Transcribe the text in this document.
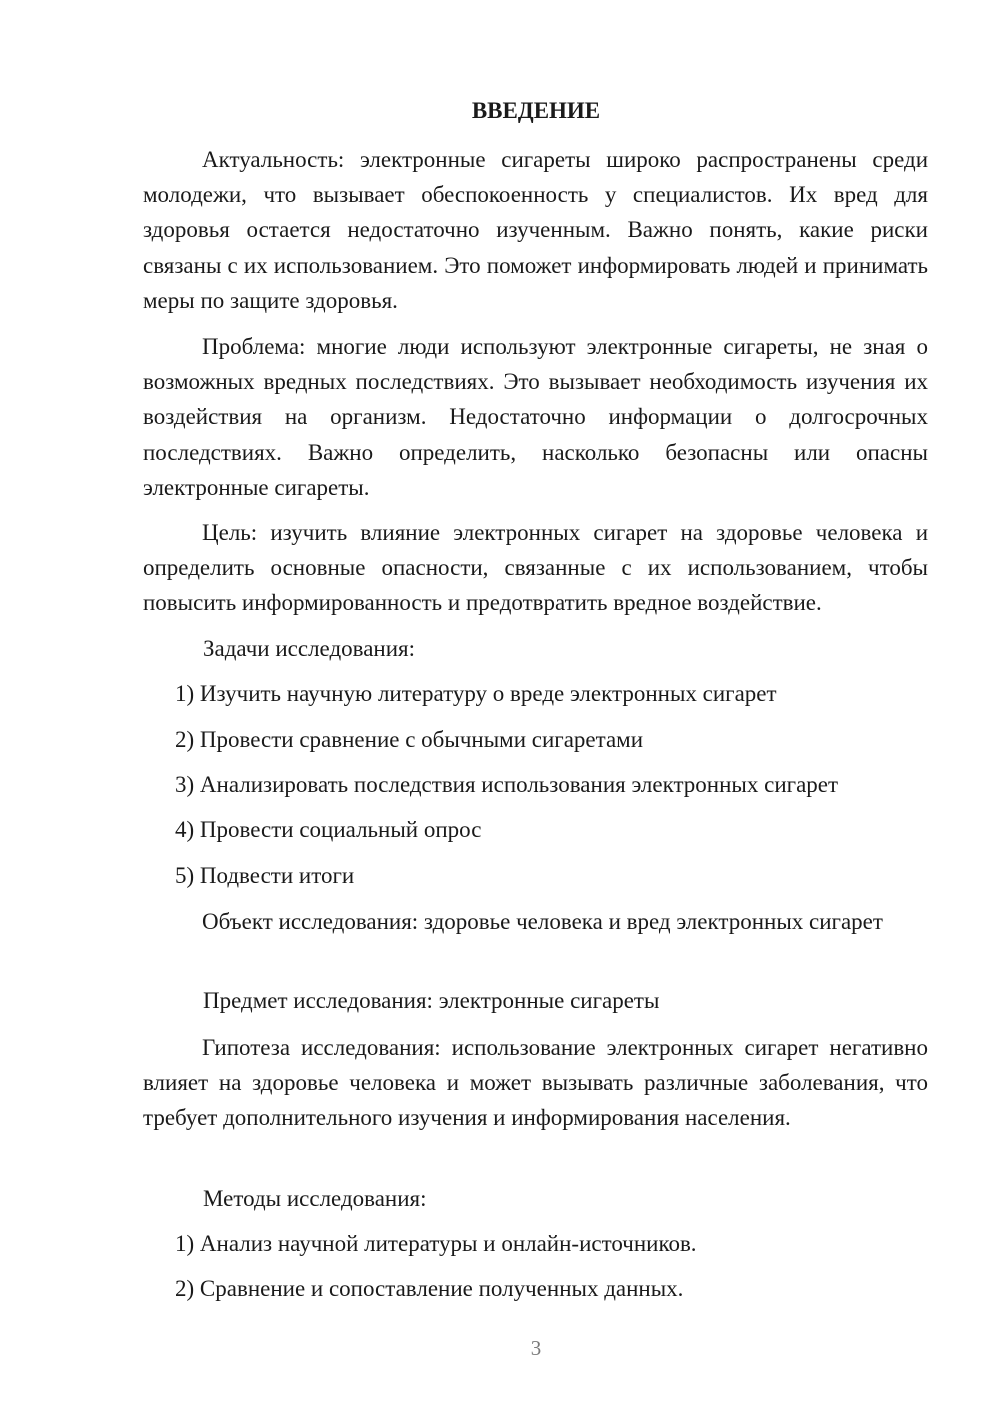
ВВЕДЕНИЕ

Актуальность: электронные сигареты широко распространены среди молодежи, что вызывает обеспокоенность у специалистов. Их вред для здоровья остается недостаточно изученным. Важно понять, какие риски связаны с их использованием. Это поможет информировать людей и принимать меры по защите здоровья.

Проблема: многие люди используют электронные сигареты, не зная о возможных вредных последствиях. Это вызывает необходимость изучения их воздействия на организм. Недостаточно информации о долгосрочных последствиях. Важно определить, насколько безопасны или опасны электронные сигареты.

Цель: изучить влияние электронных сигарет на здоровье человека и определить основные опасности, связанные с их использованием, чтобы повысить информированность и предотвратить вредное воздействие.

Задачи исследования:
1) Изучить научную литературу о вреде электронных сигарет
2) Провести сравнение с обычными сигаретами
3) Анализировать последствия использования электронных сигарет
4) Провести социальный опрос
5) Подвести итоги

Объект исследования: здоровье человека и вред электронных сигарет

Предмет исследования: электронные сигареты

Гипотеза исследования: использование электронных сигарет негативно влияет на здоровье человека и может вызывать различные заболевания, что требует дополнительного изучения и информирования населения.

Методы исследования:
1) Анализ научной литературы и онлайн-источников.
2) Сравнение и сопоставление полученных данных.
3
